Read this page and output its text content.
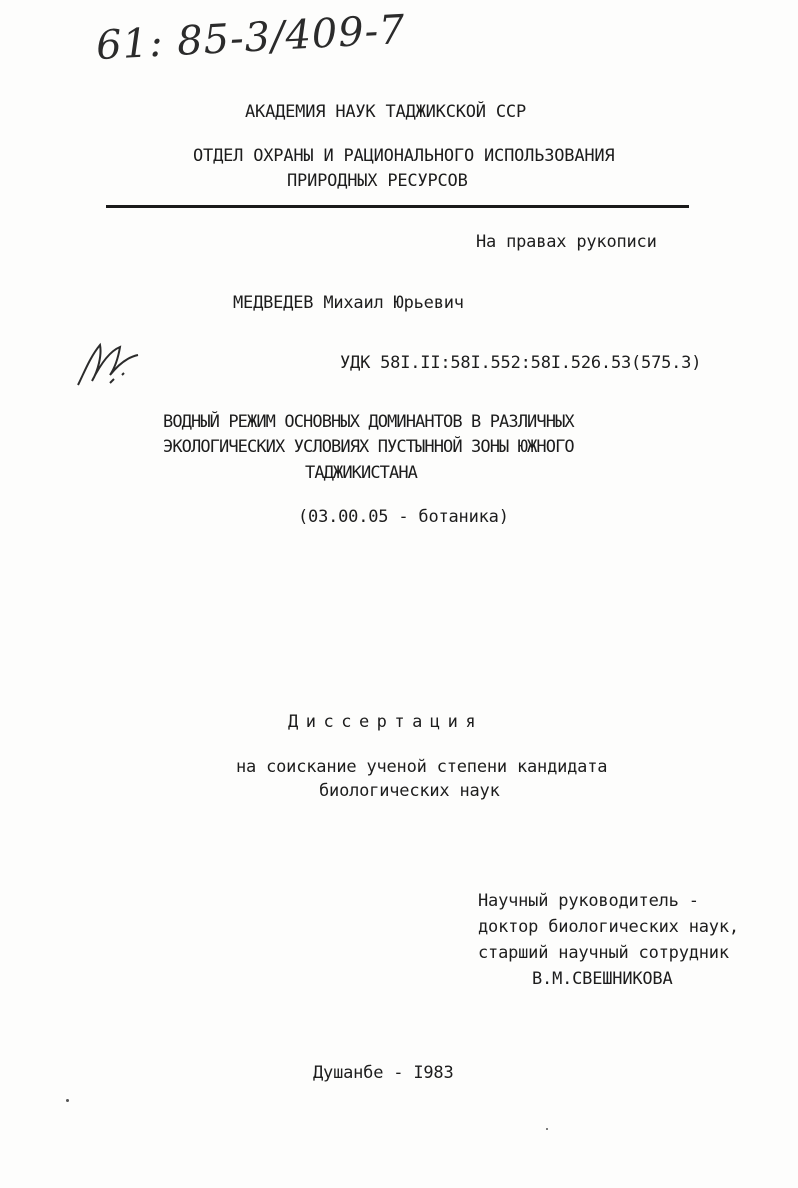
61: 85-3/409-7
АКАДЕМИЯ НАУК ТАДЖИКСКОЙ ССР
ОТДЕЛ ОХРАНЫ И РАЦИОНАЛЬНОГО ИСПОЛЬЗОВАНИЯ
ПРИРОДНЫХ РЕСУРСОВ
На правах рукописи
МЕДВЕДЕВ Михаил Юрьевич
УДК 58I.II:58I.552:58I.526.53(575.3)
ВОДНЫЙ РЕЖИМ ОСНОВНЫХ ДОМИНАНТОВ В РАЗЛИЧНЫХ
ЭКОЛОГИЧЕСКИХ УСЛОВИЯХ ПУСТЫННОЙ ЗОНЫ ЮЖНОГО
ТАДЖИКИСТАНА
(03.00.05 - ботаника)
Диссертация
на соискание ученой степени кандидата
биологических наук
Научный руководитель -
доктор биологических наук,
старший научный сотрудник
В.М.СВЕШНИКОВА
Душанбе - I983
